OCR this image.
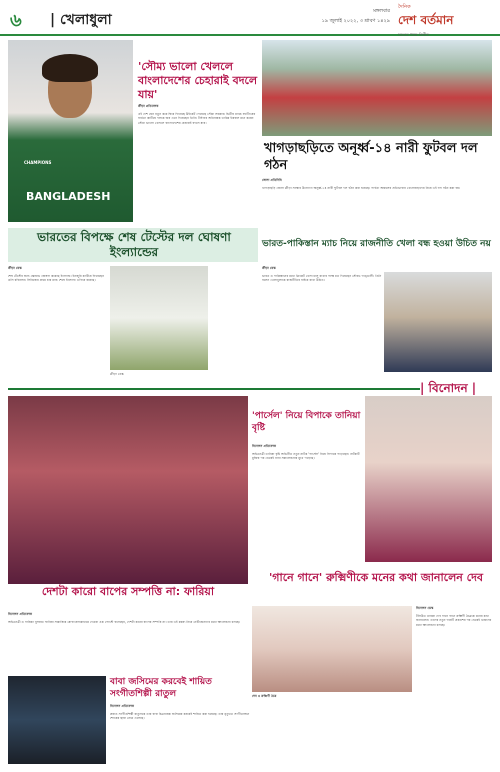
৬ | খেলাধুলা
মঙ্গলবার
১৯ জুলাই ২০২২, ৩ শ্রাবণ ১৪২৯
দৈনিক
দেশ বর্তমান
সত্যের পক্ষে নির্ভীক
CHAMPIONS
BANGLADESH
'সৌম্য ভালো খেললে বাংলাদেশের চেহারাই বদলে যায়'
ক্রীড়া প্রতিবেদক
এই দেশ যেন নতুন করে ঘিরে ফিরেছে উইকেট পেয়েছে সৌম্য সরকার। দ্বিতীয় ম্যাচে ব্যাটিংয়ের ব্যর্থতা কাটিয়ে দলকে জয় এনে দিয়েছেন তিনি। টাইগার অধিনায়ক তামিম ইকবাল মনে করেন সৌম্য ভালো খেললে বাংলাদেশের চেহারাই বদলে যায়।
খাগড়াছড়িতে অনূর্ধ্ব-১৪ নারী ফুটবল দল গঠন
জেলা প্রতিনিধি
খাগড়াছড়ি জেলা ক্রীড়া সংস্থার উদ্যোগে অনূর্ধ্ব-১৪ নারী ফুটবল দল গঠন করা হয়েছে। পার্বত্য অঞ্চলের প্রতিভাবান খেলোয়াড়দের নিয়ে এই দল গঠন করা হয়।
ভারতের বিপক্ষে শেষ টেস্টের দল ঘোষণা ইংল্যান্ডের
ক্রীড়া ডেস্ক
শেষ টেস্টের জন্য স্কোয়াড ঘোষণা করেছে ইংল্যান্ড। ইনজুরি কাটিয়ে ফিরেছেন ওলি রবিনসন। সিরিজের প্রথম চার ম্যাচ শেষে ইংল্যান্ড এগিয়ে রয়েছে।
ক্রীড়া ডেস্ক
ভারত-পাকিস্তান ম্যাচ নিয়ে রাজনীতি খেলা বন্ধ হওয়া উচিত নয়
ক্রীড়া ডেস্ক
ভারত ও পাকিস্তানের মধ্যে ক্রিকেট খেলা চালু রাখার পক্ষে মত দিয়েছেন সৌরভ গাঙ্গুলী। তিনি বলেন খেলাধুলাকে রাজনীতির বাইরে রাখা উচিত।
| বিনোদন |
দেশটা কারো বাপের সম্পত্তি না: ফারিয়া
বিনোদন প্রতিবেদক
অভিনেত্রী ও গায়িকা নুসরাত ফারিয়া সামাজিক যোগাযোগমাধ্যমে দেওয়া এক পোস্টে বলেছেন, দেশটা কারো বাপের সম্পত্তি না। তার এই মন্তব্য নিয়ে নেটিজেনদের মধ্যে আলোচনা চলছে।
'পার্সেল' নিয়ে বিপাকে তানিয়া বৃষ্টি
বিনোদন প্রতিবেদক
অভিনেত্রী তানিয়া বৃষ্টি অভিনীত নতুন নাটক 'পার্সেল' নিয়ে বিপাকে পড়েছেন। নাটকটি মুক্তির পর থেকেই নানা সমালোচনার মুখে পড়েছে।
'গানে গানে' রুক্মিণীকে মনের কথা জানালেন দেব
দেব ও রুক্মিণী মৈত্র
বিনোদন ডেস্ক
টলিউড তারকা দেব গানে গানে রুক্মিণী মৈত্রকে মনের কথা জানালেন। তাদের নতুন গানটি প্রকাশের পর থেকেই ভক্তদের মধ্যে আলোচনা চলছে।
বাবা জসিমের করবেই শায়িত সংগীতশিল্পী রাতুল
বিনোদন প্রতিবেদক
প্রয়াত সংগীতশিল্পী রাতুলকে তার বাবা চিত্রনায়ক জসিমের কবরেই শায়িত করা হয়েছে। তার মৃত্যুতে সংগীতাঙ্গনে শোকের ছায়া নেমে এসেছে।
